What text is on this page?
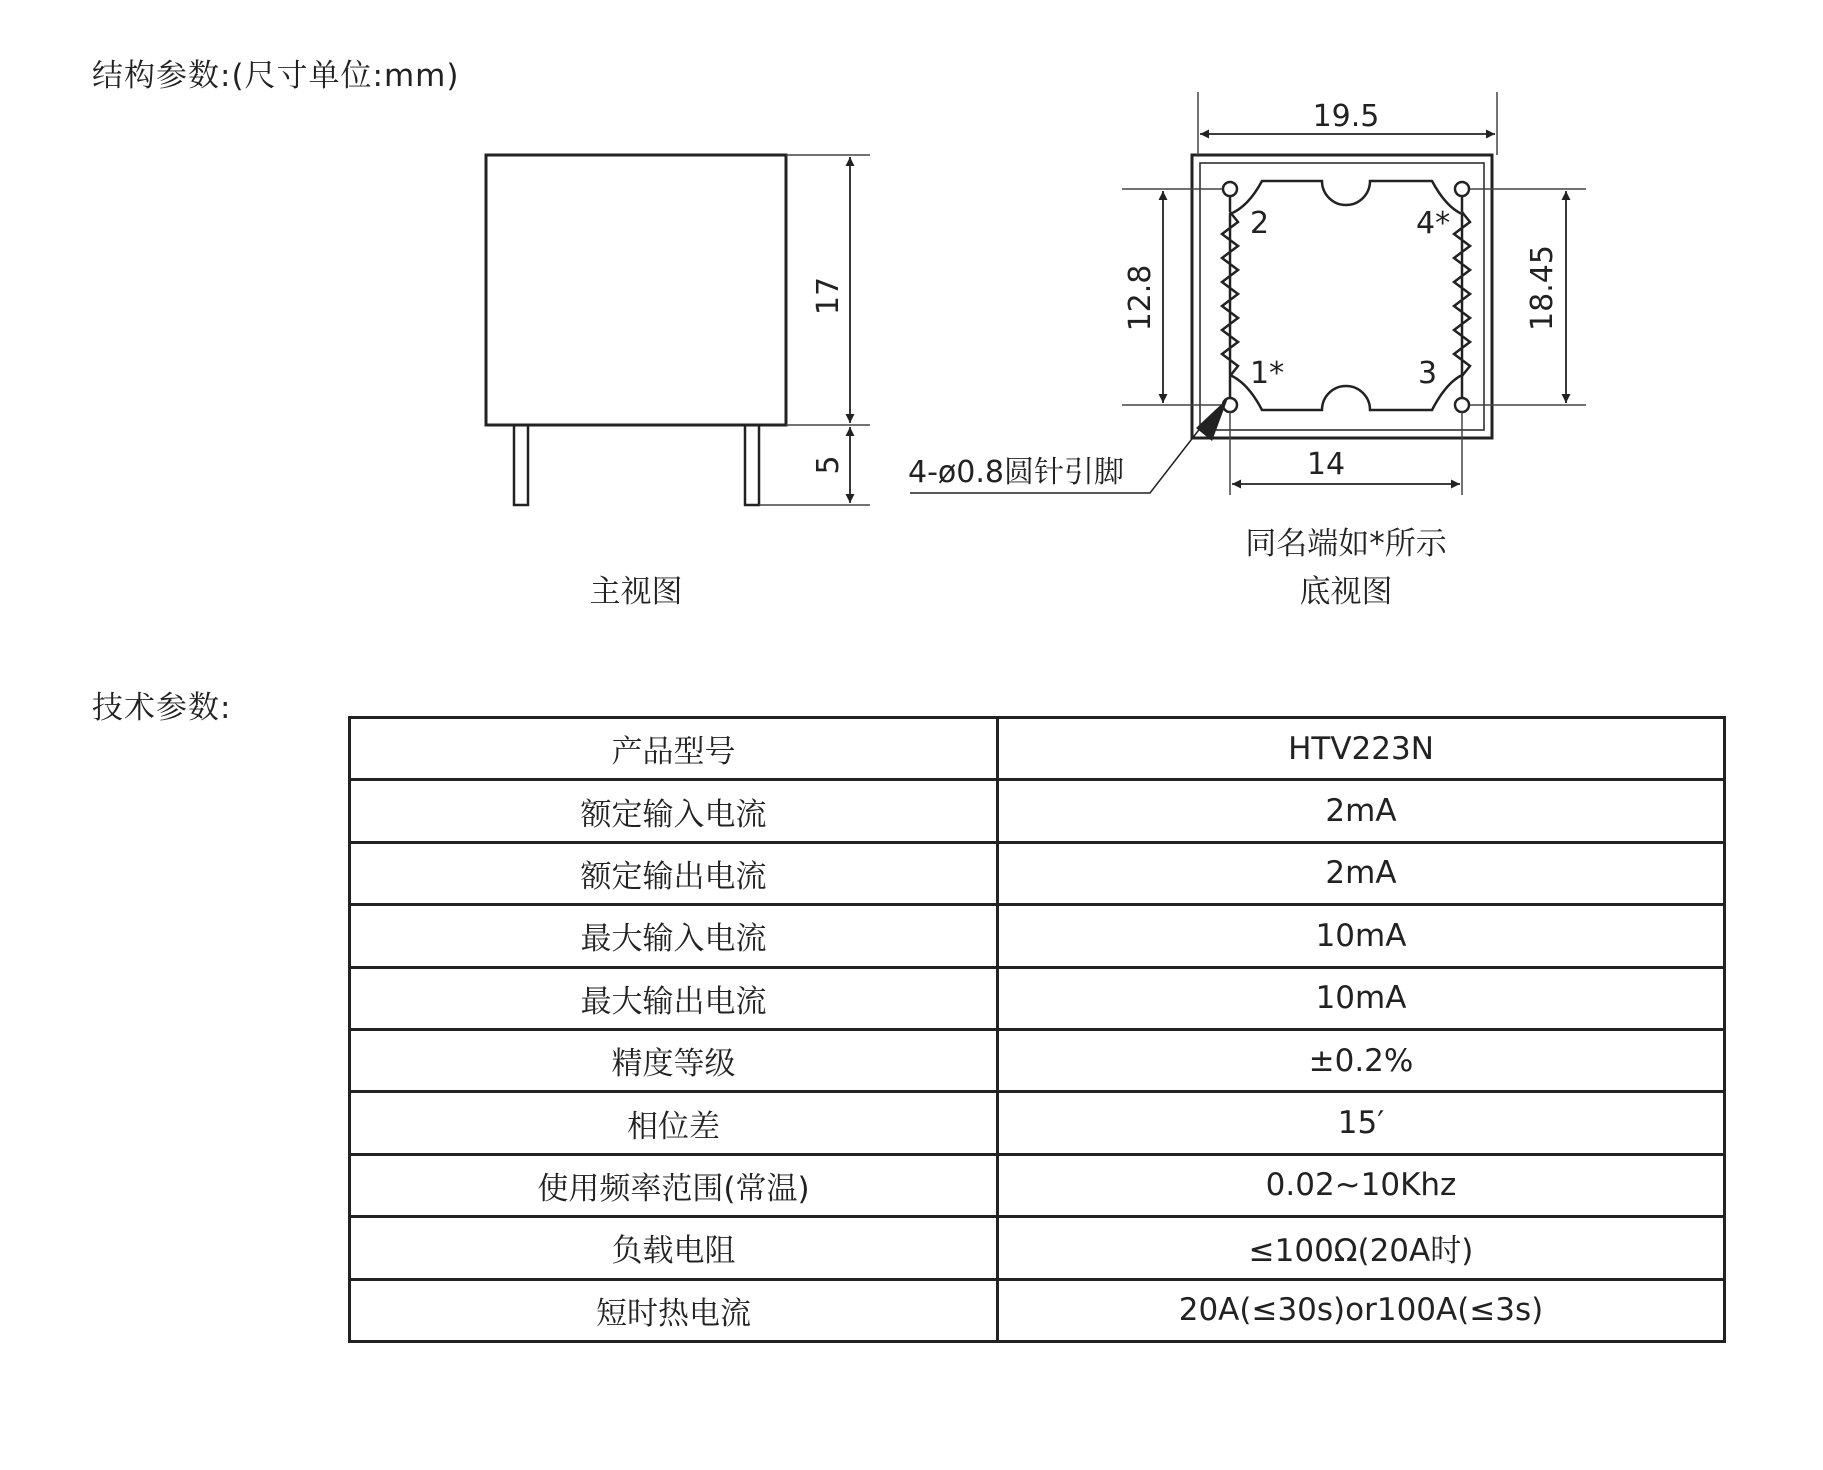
结构参数:(尺寸单位:mm)
17
5
2	4*
1*	3
19.5
12.8	18.45
14
4-ø0.8圆针引脚
同名端如*所示
主视图	底视图
技术参数:
产品型号	HTV223N
额定输入电流	2mA
额定输出电流	2mA
最大输入电流	10mA
最大输出电流	10mA
精度等级	±0.2%
相位差	15′
使用频率范围(常温)	0.02~10Khz
负载电阻	≤100Ω(20A时)
短时热电流	20A(≤30s)or100A(≤3s)
